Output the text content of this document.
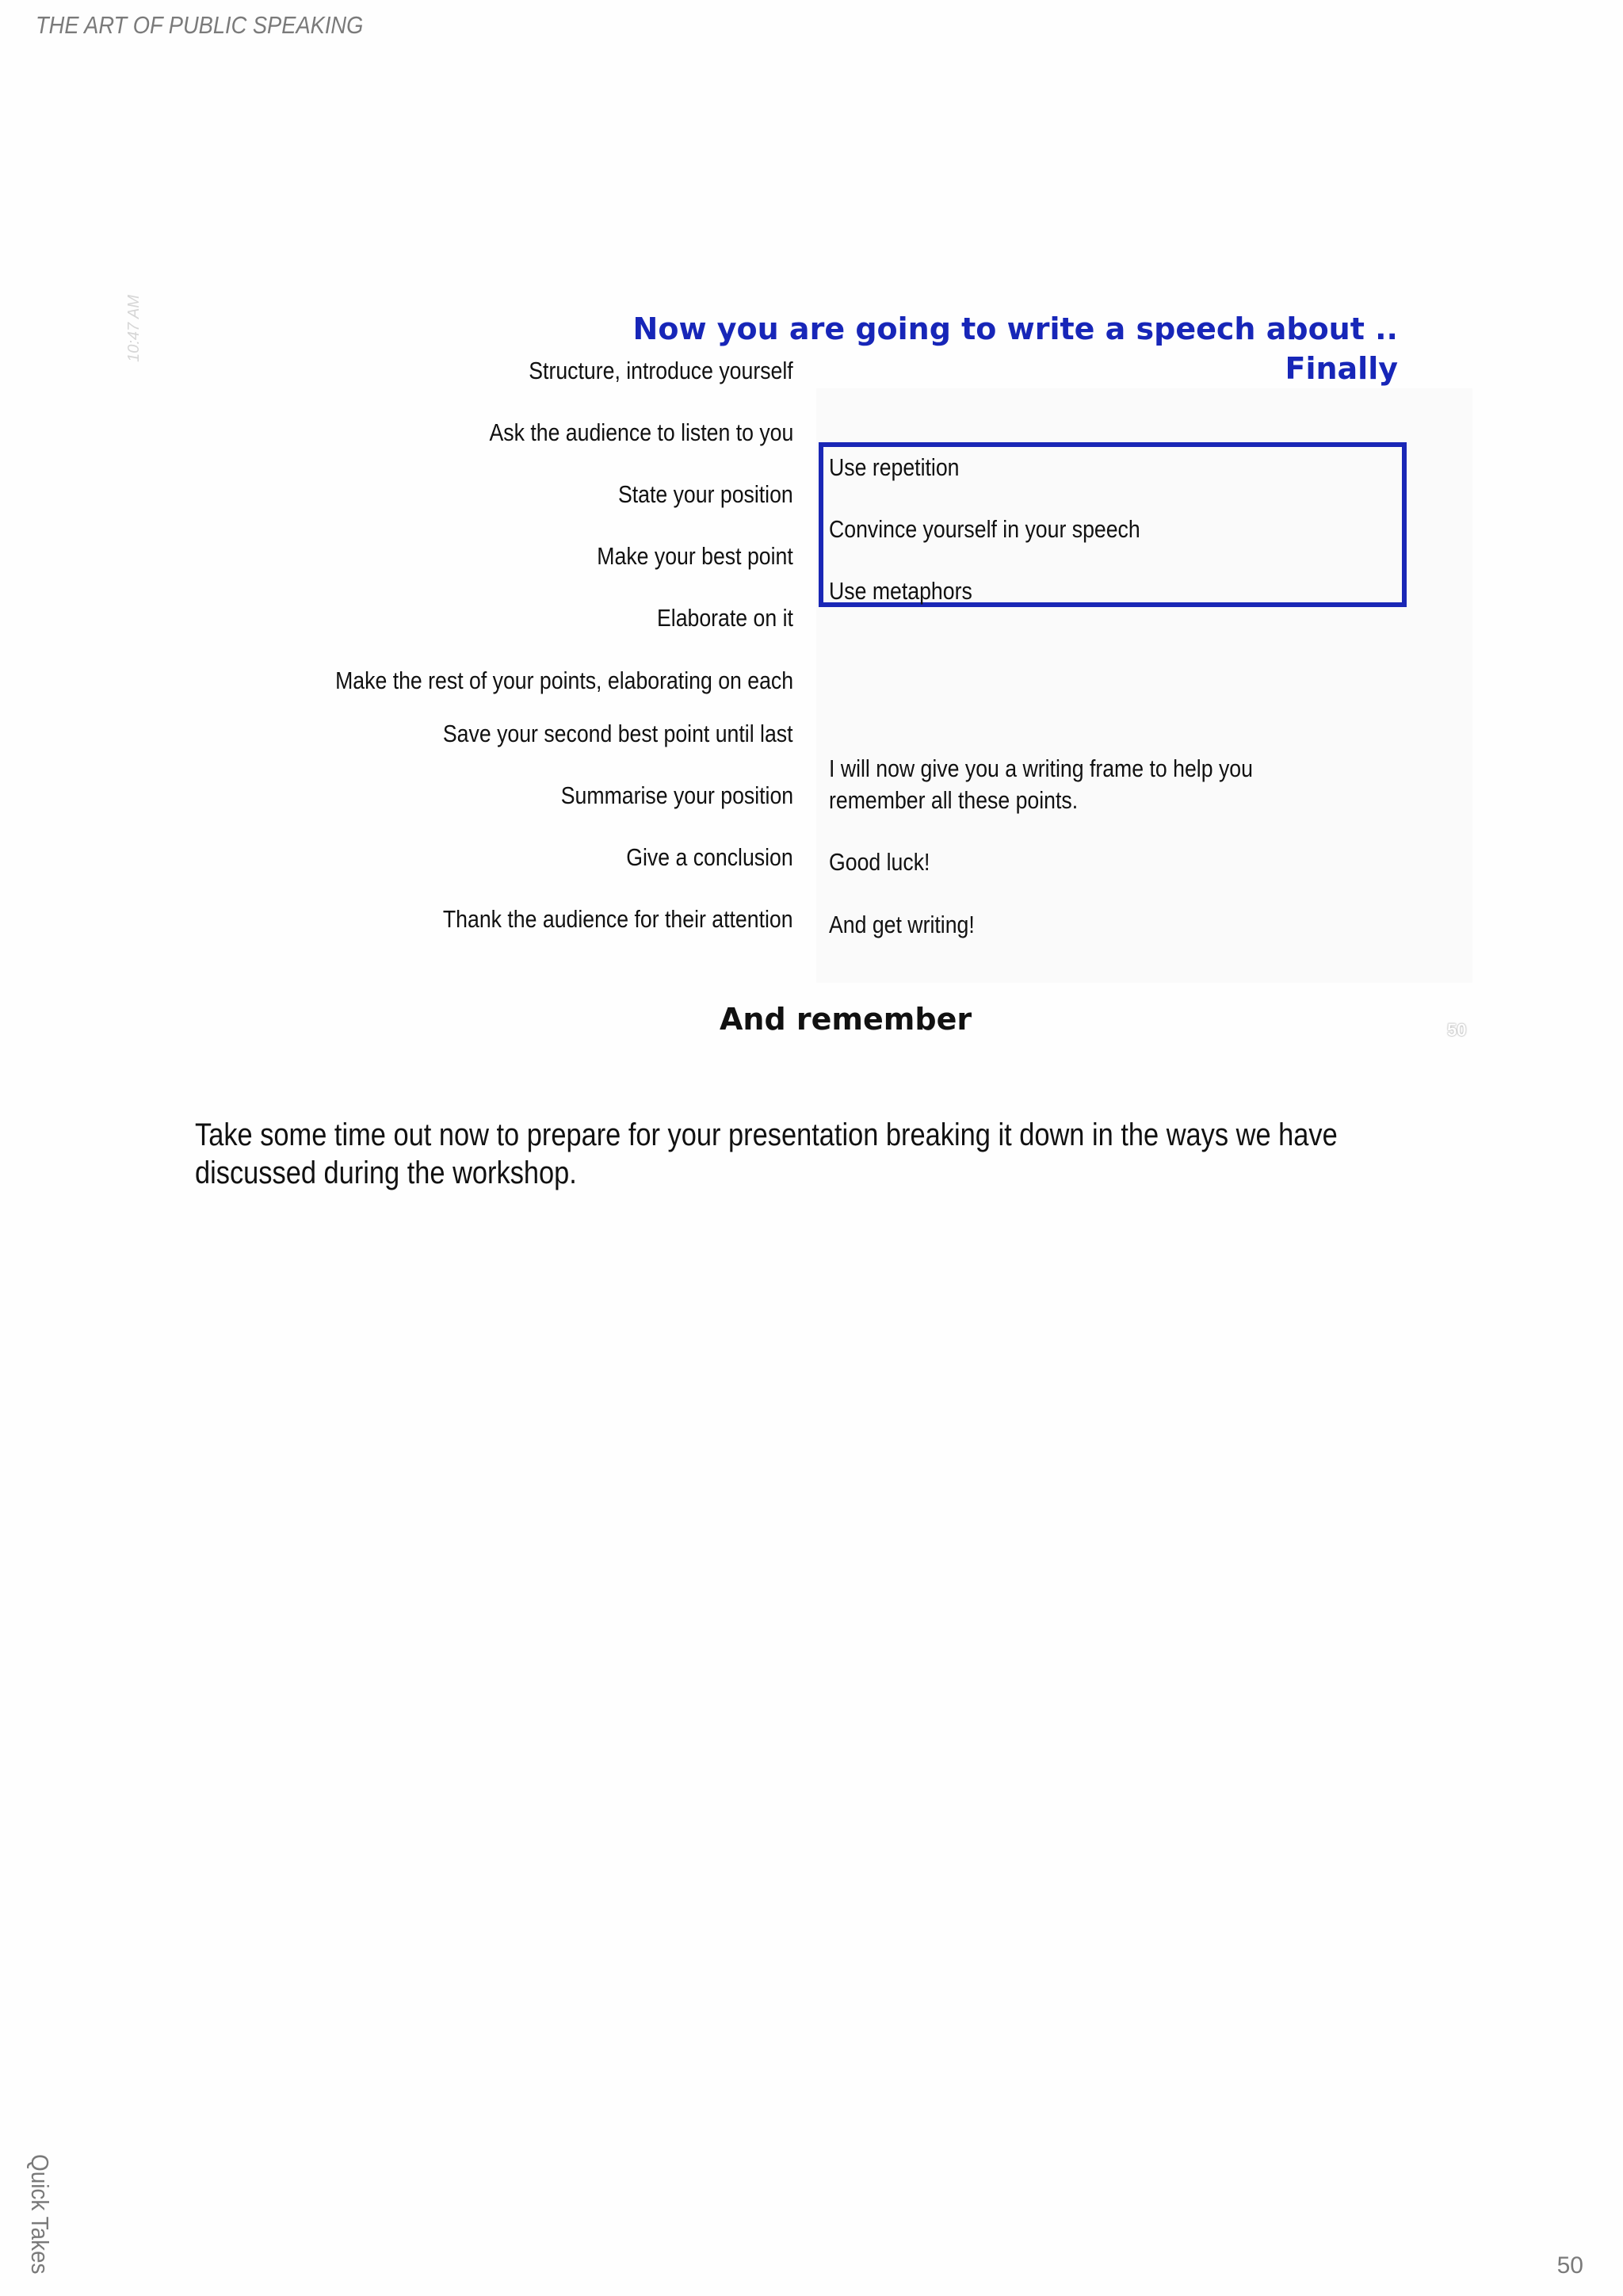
THE ART OF PUBLIC SPEAKING
10:47 AM	Now you are going to write a speech about ..
Finally
Structure, introduce yourself
Ask the audience to listen to you
State your position
Make your best point
Elaborate on it
Make the rest of your points, elaborating on each
Save your second best point until last
Summarise your position
Give a conclusion
Thank the audience for their attention
Use repetition
Convince yourself in your speech
Use metaphors
I will now give you a writing frame to help you remember all these points.
Good luck!
And get writing!
50
And remember
Take some time out now to prepare for your presentation breaking it down in the ways we have discussed during the workshop.
Quick Takes	50
